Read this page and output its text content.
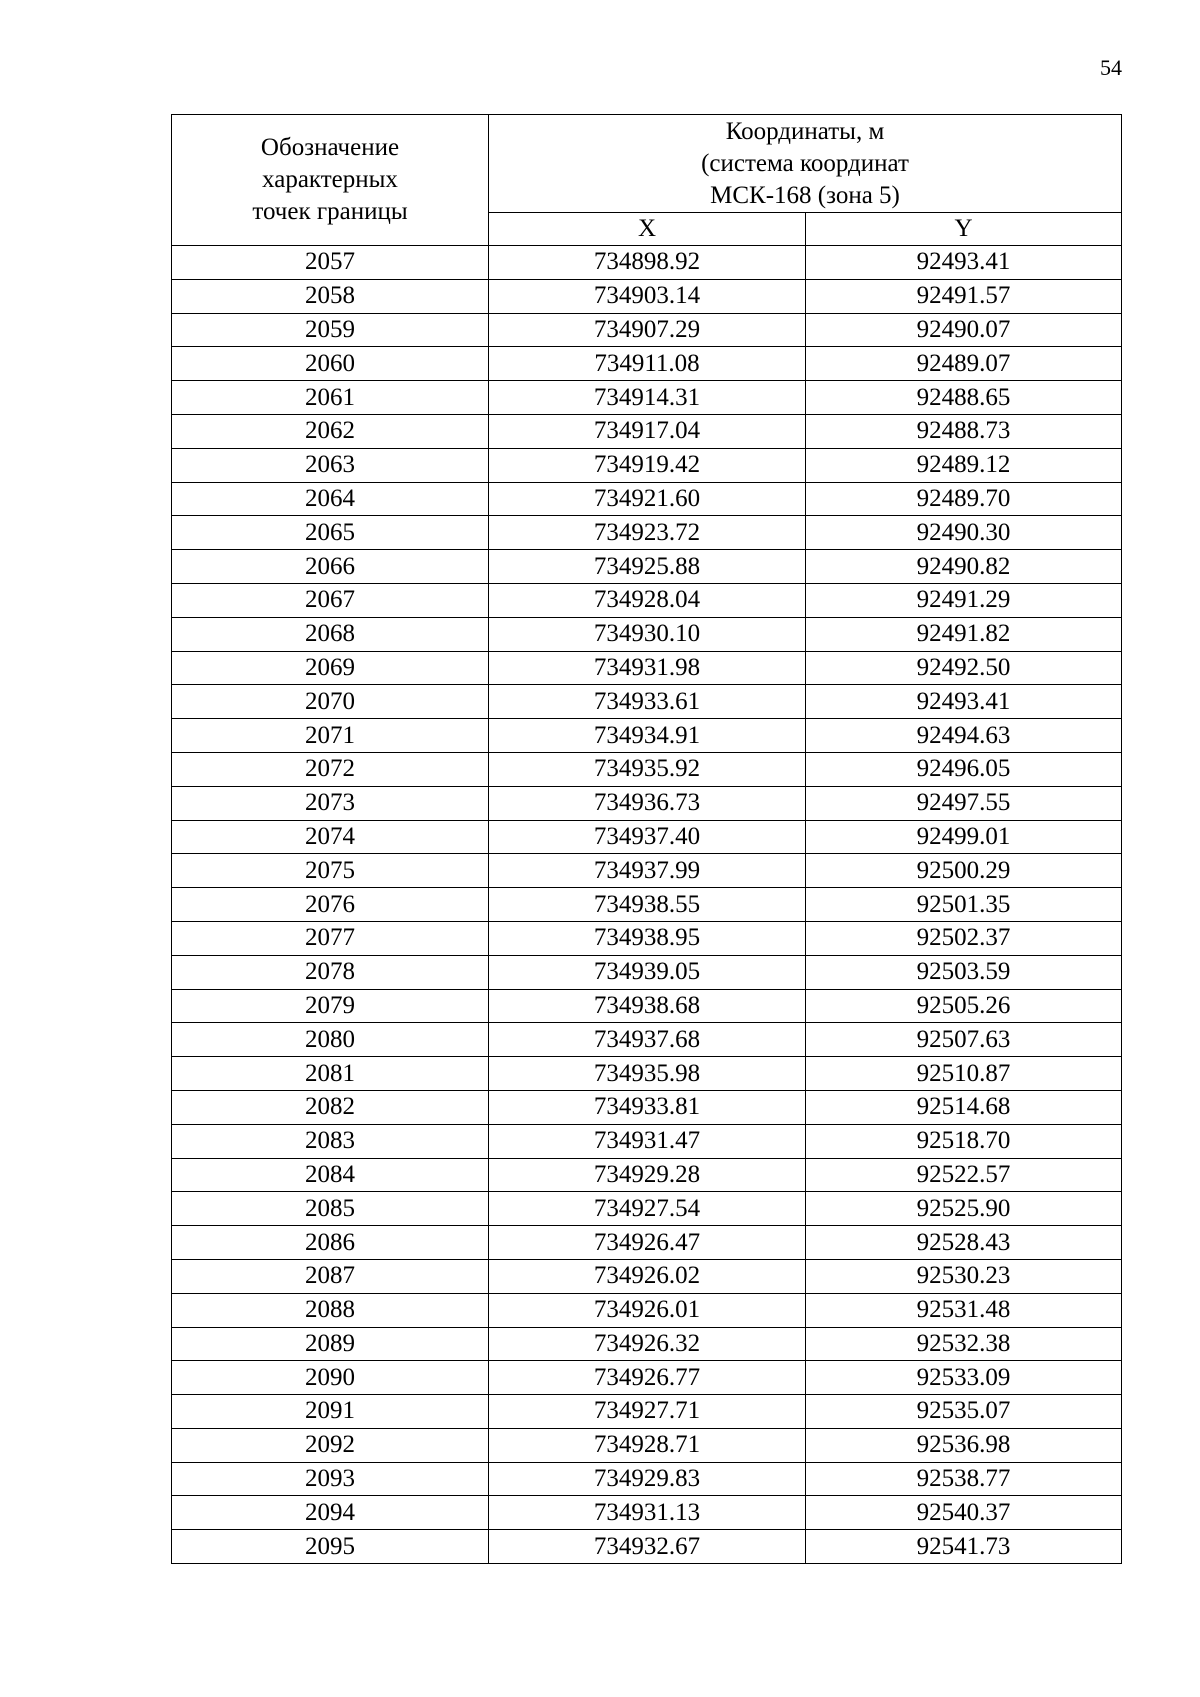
54
Обозначение
характерных
точек границы	Координаты, м
(система координат
МСК-168 (зона 5)	

	X	Y
2057	734898.92	92493.41
2058	734903.14	92491.57
2059	734907.29	92490.07
2060	734911.08	92489.07
2061	734914.31	92488.65
2062	734917.04	92488.73
2063	734919.42	92489.12
2064	734921.60	92489.70
2065	734923.72	92490.30
2066	734925.88	92490.82
2067	734928.04	92491.29
2068	734930.10	92491.82
2069	734931.98	92492.50
2070	734933.61	92493.41
2071	734934.91	92494.63
2072	734935.92	92496.05
2073	734936.73	92497.55
2074	734937.40	92499.01
2075	734937.99	92500.29
2076	734938.55	92501.35
2077	734938.95	92502.37
2078	734939.05	92503.59
2079	734938.68	92505.26
2080	734937.68	92507.63
2081	734935.98	92510.87
2082	734933.81	92514.68
2083	734931.47	92518.70
2084	734929.28	92522.57
2085	734927.54	92525.90
2086	734926.47	92528.43
2087	734926.02	92530.23
2088	734926.01	92531.48
2089	734926.32	92532.38
2090	734926.77	92533.09
2091	734927.71	92535.07
2092	734928.71	92536.98
2093	734929.83	92538.77
2094	734931.13	92540.37
2095	734932.67	92541.73
